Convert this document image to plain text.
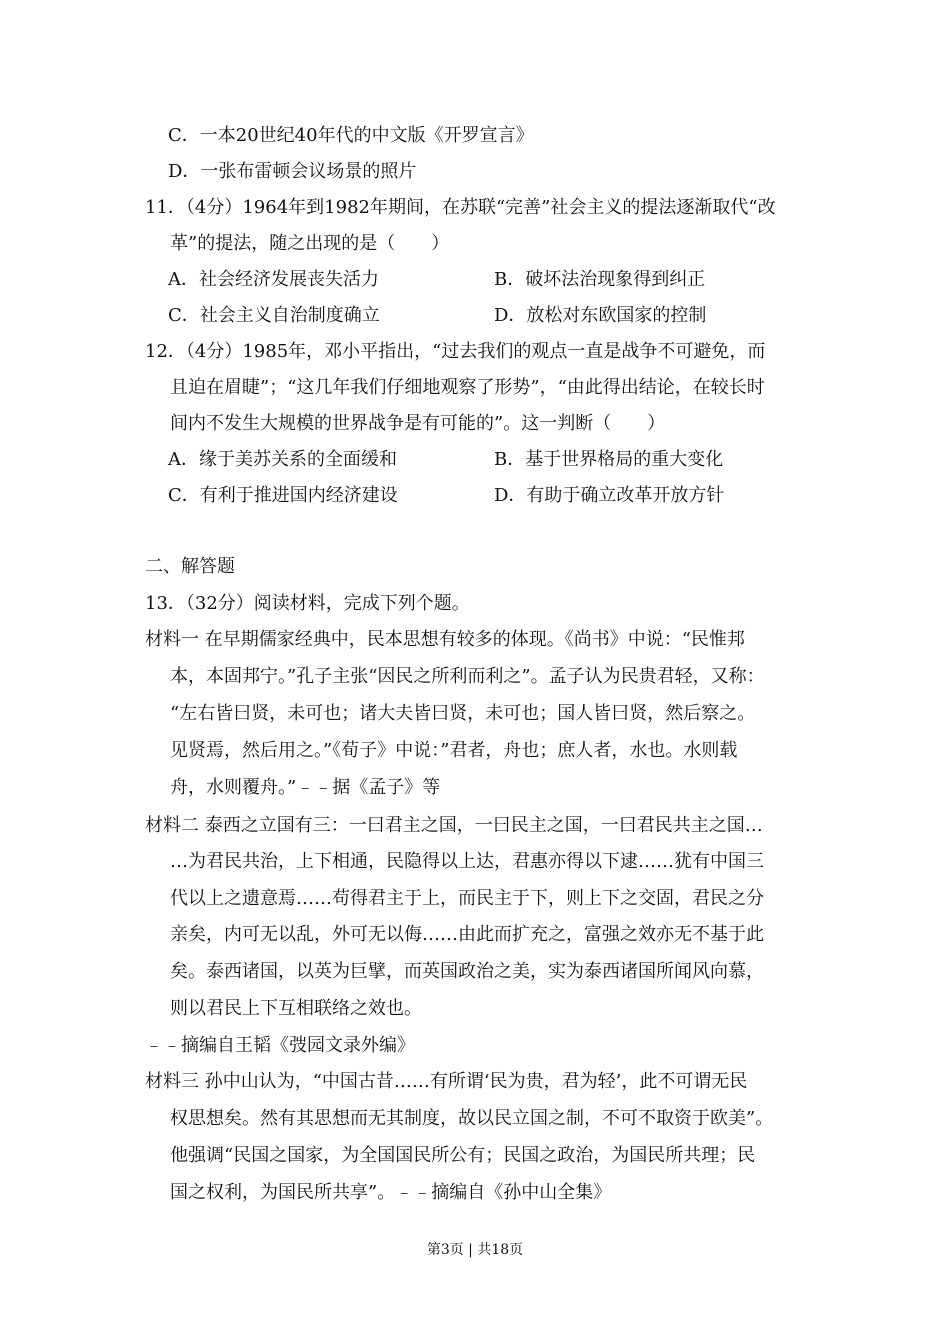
C．一本20世纪40年代的中文版《开罗宣言》
D．一张布雷顿会议场景的照片
11．（4分）1964年到1982年期间，在苏联“完善”社会主义的提法逐渐取代“改
革”的提法，随之出现的是（　　）
A．社会经济发展丧失活力	B．破坏法治现象得到纠正
C．社会主义自治制度确立	D．放松对东欧国家的控制
12．（4分）1985年，邓小平指出，“过去我们的观点一直是战争不可避免，而
且迫在眉睫”；“这几年我们仔细地观察了形势”，“由此得出结论，在较长时
间内不发生大规模的世界战争是有可能的”。这一判断（　　）
A．缘于美苏关系的全面缓和	B．基于世界格局的重大变化
C．有利于推进国内经济建设	D．有助于确立改革开放方针
二、解答题
13．（32分）阅读材料，完成下列个题。
材料一 在早期儒家经典中，民本思想有较多的体现。《尚书》中说：“民惟邦
本，本固邦宁。”孔子主张“因民之所利而利之”。孟子认为民贵君轻，又称：
“左右皆曰贤，未可也；诸大夫皆曰贤，未可也；国人皆曰贤，然后察之。
见贤焉，然后用之。”《荀子》中说：”君者，舟也；庶人者，水也。水则载
舟，水则覆舟。”﹣﹣据《孟子》等
材料二 泰西之立国有三：一曰君主之国，一曰民主之国，一曰君民共主之国…
…为君民共治，上下相通，民隐得以上达，君惠亦得以下逮……犹有中国三
代以上之遗意焉……苟得君主于上，而民主于下，则上下之交固，君民之分
亲矣，内可无以乱，外可无以侮……由此而扩充之，富强之效亦无不基于此
矣。泰西诸国，以英为巨擘，而英国政治之美，实为泰西诸国所闻风向慕，
则以君民上下互相联络之效也。
﹣﹣摘编自王韬《弢园文录外编》
材料三 孙中山认为，“中国古昔……有所谓‘民为贵，君为轻’，此不可谓无民
权思想矣。然有其思想而无其制度，故以民立国之制，不可不取资于欧美”。
他强调“民国之国家，为全国国民所公有；民国之政治，为国民所共理；民
国之权利，为国民所共享”。﹣﹣摘编自《孙中山全集》
第3页 | 共18页
